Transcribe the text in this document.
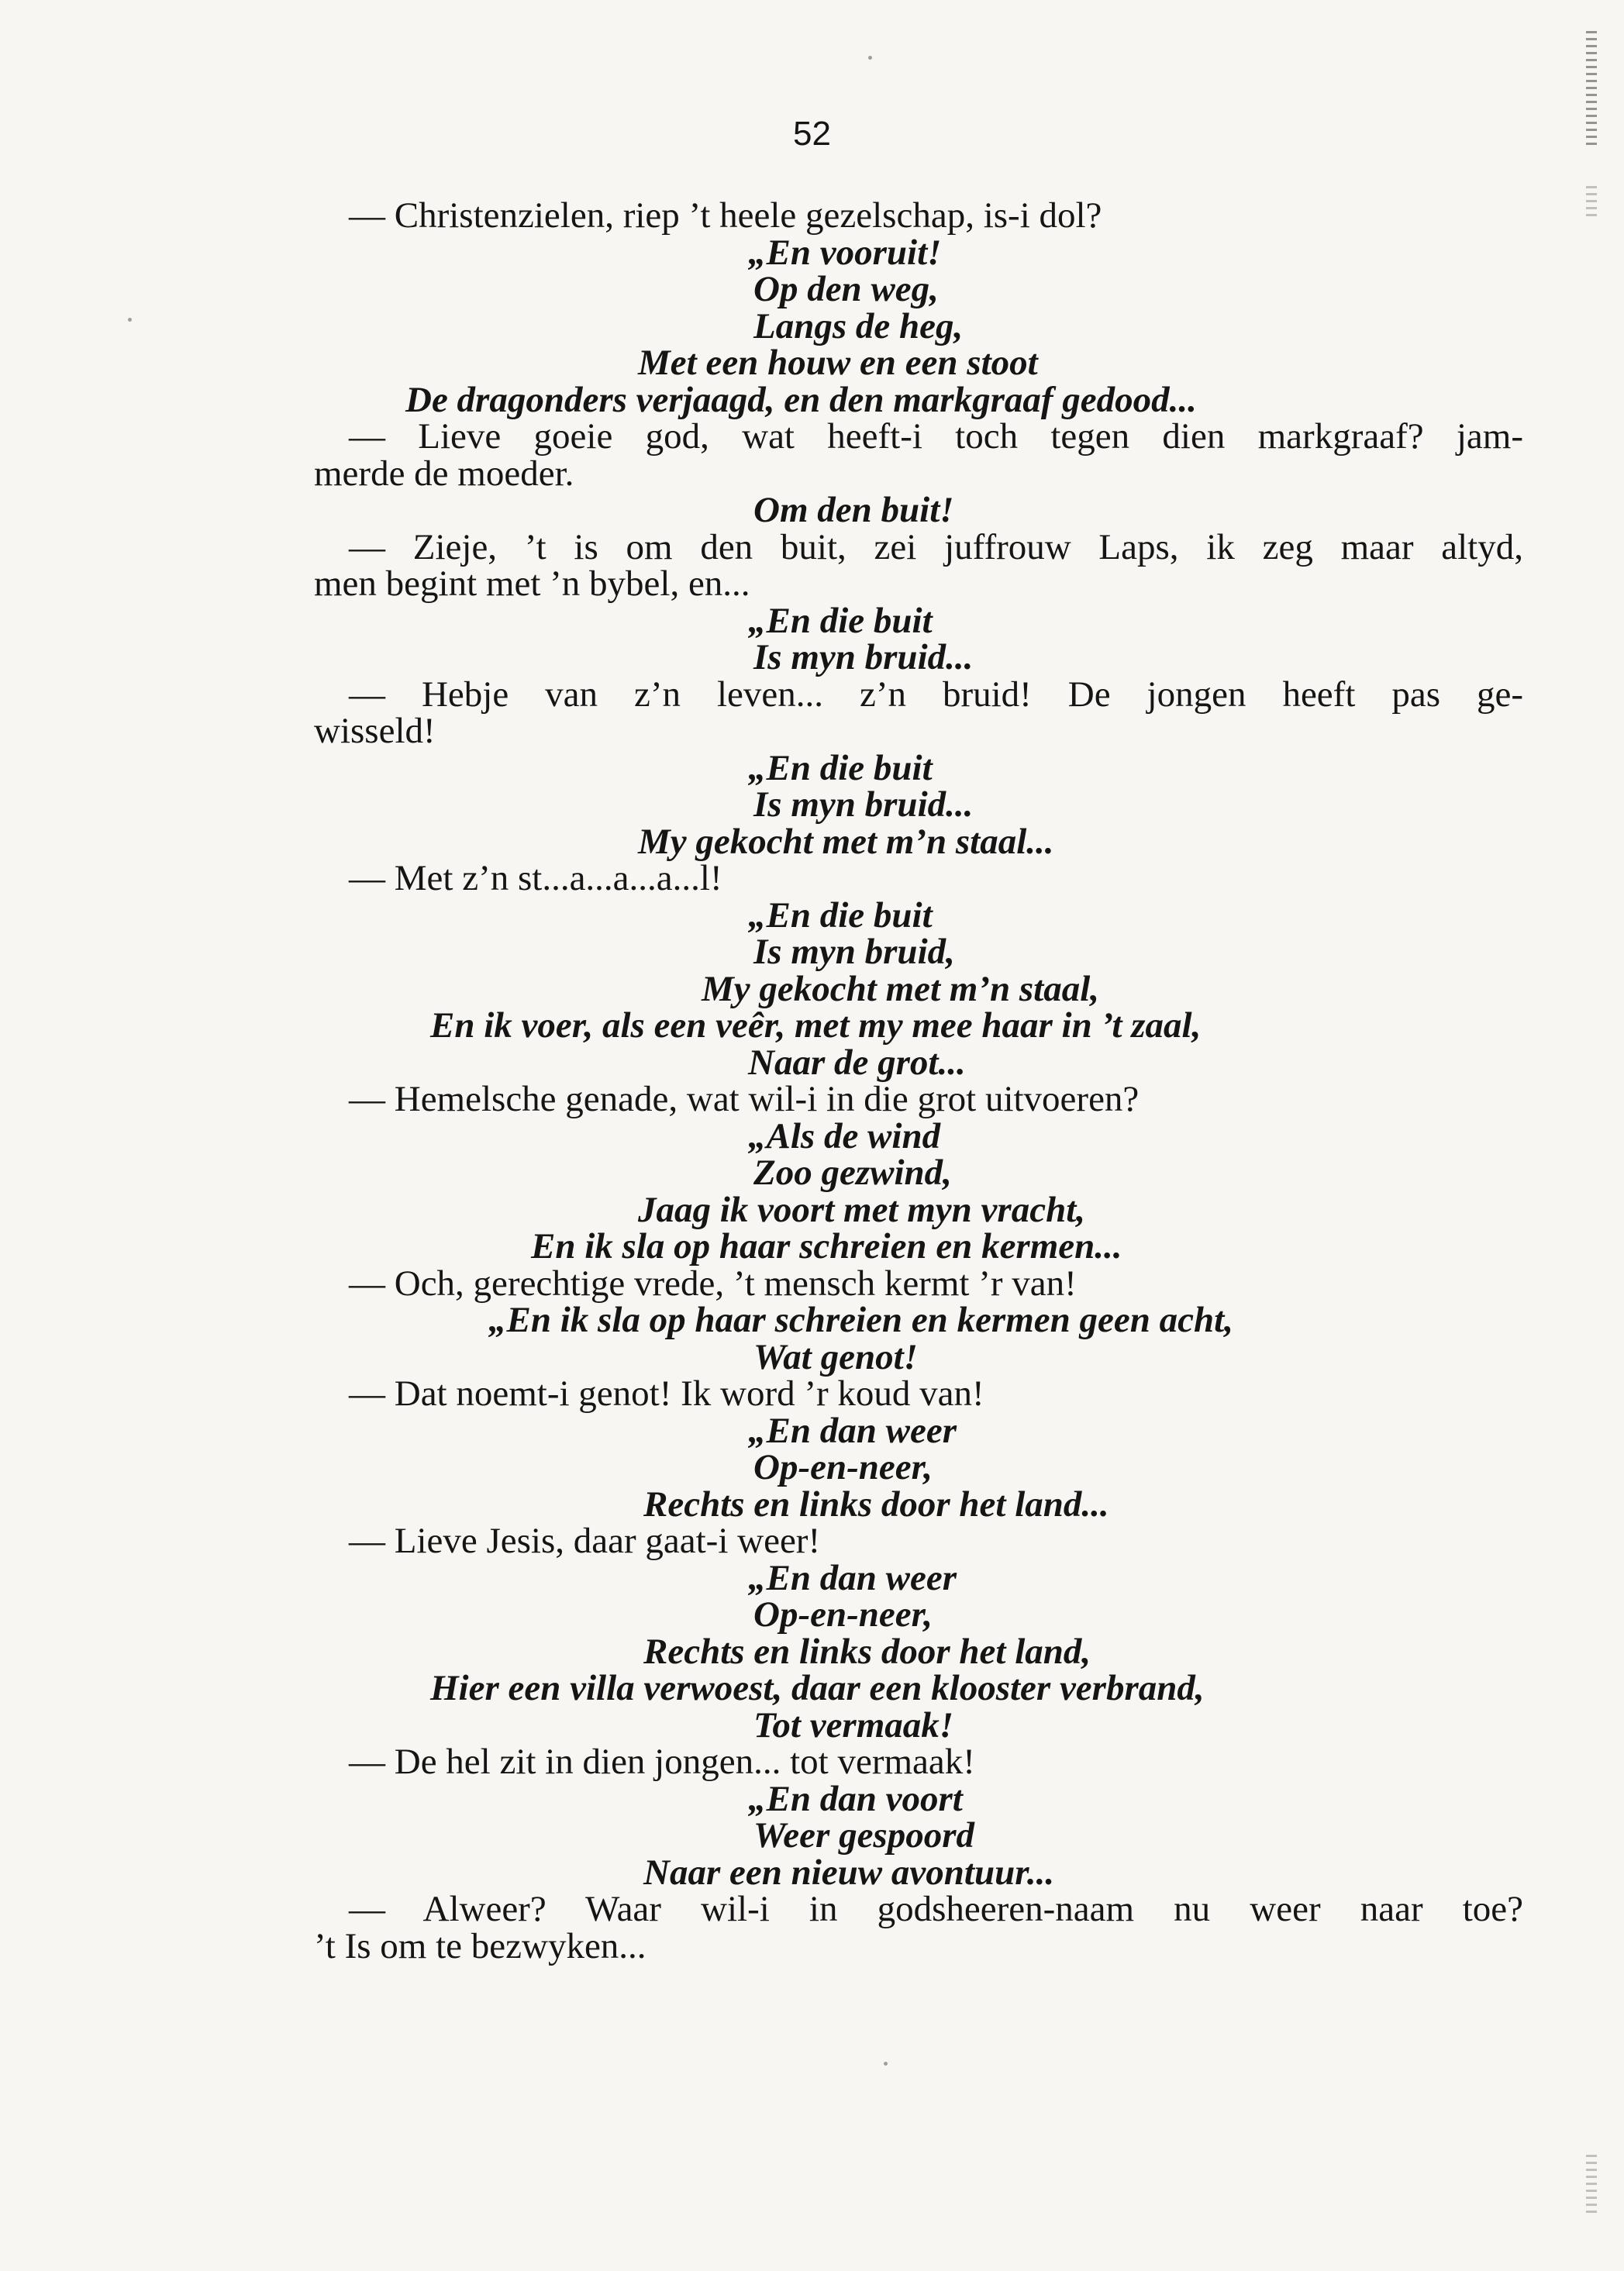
52
— Christenzielen, riep ’t heele gezelschap, is-i dol?
„En vooruit!
Op den weg,
Langs de heg,
Met een houw en een stoot
De dragonders verjaagd, en den markgraaf gedood...
— Lieve goeie god, wat heeft-i toch tegen dien markgraaf? jam-
merde de moeder.
Om den buit!
— Zieje, ’t is om den buit, zei juffrouw Laps, ik zeg maar altyd,
men begint met ’n bybel, en...
„En die buit
Is myn bruid...
— Hebje van z’n leven... z’n bruid! De jongen heeft pas ge-
wisseld!
„En die buit
Is myn bruid...
My gekocht met m’n staal...
— Met z’n st...a...a...a...l!
„En die buit
Is myn bruid,
My gekocht met m’n staal,
En ik voer, als een veêr, met my mee haar in ’t zaal,
Naar de grot...
— Hemelsche genade, wat wil-i in die grot uitvoeren?
„Als de wind
Zoo gezwind,
Jaag ik voort met myn vracht,
En ik sla op haar schreien en kermen...
— Och, gerechtige vrede, ’t mensch kermt ’r van!
„En ik sla op haar schreien en kermen geen acht,
Wat genot!
— Dat noemt-i genot! Ik word ’r koud van!
„En dan weer
Op-en-neer,
Rechts en links door het land...
— Lieve Jesis, daar gaat-i weer!
„En dan weer
Op-en-neer,
Rechts en links door het land,
Hier een villa verwoest, daar een klooster verbrand,
Tot vermaak!
— De hel zit in dien jongen... tot vermaak!
„En dan voort
Weer gespoord
Naar een nieuw avontuur...
— Alweer? Waar wil-i in godsheeren-naam nu weer naar toe?
’t Is om te bezwyken...
